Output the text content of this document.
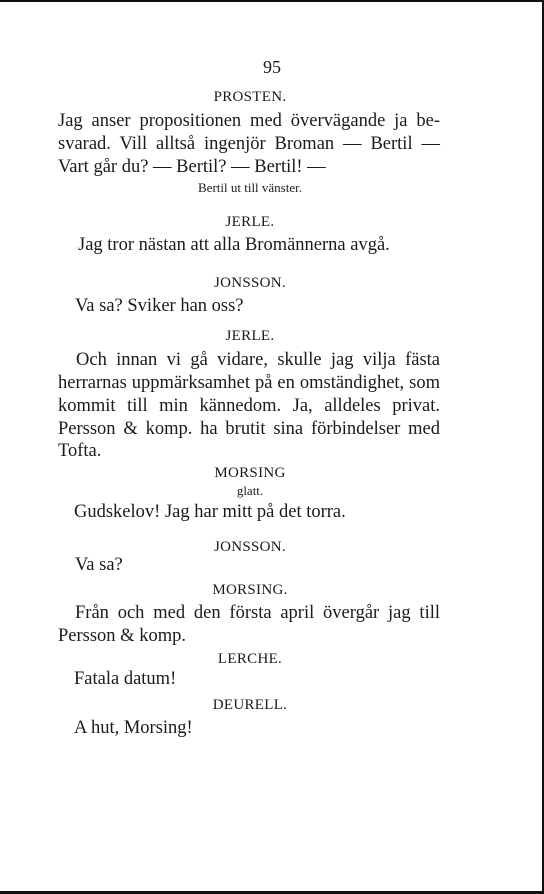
95
PROSTEN.
Jag anser propositionen med övervägande ja be-
svarad. Vill alltså ingenjör Broman — Bertil —
Vart går du? — Bertil? — Bertil! —
Bertil ut till vänster.
JERLE.
Jag tror nästan att alla Bromännerna avgå.
JONSSON.
Va sa? Sviker han oss?
JERLE.
Och innan vi gå vidare, skulle jag vilja fästa
herrarnas uppmärksamhet på en omständighet, som
kommit till min kännedom. Ja, alldeles privat.
Persson & komp. ha brutit sina förbindelser med
Tofta.
MORSING
glatt.
Gudskelov! Jag har mitt på det torra.
JONSSON.
Va sa?
MORSING.
Från och med den första april övergår jag till
Persson & komp.
LERCHE.
Fatala datum!
DEURELL.
A hut, Morsing!
